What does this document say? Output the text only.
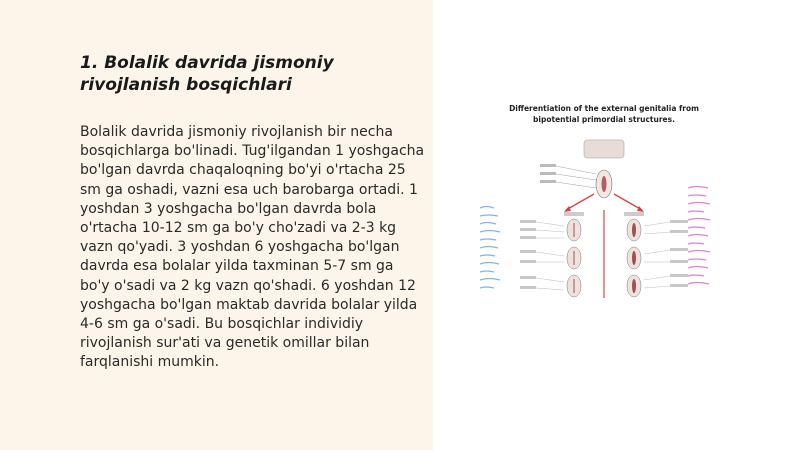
1. Bolalik davrida jismoniy rivojlanish bosqichlari

Bolalik davrida jismoniy rivojlanish bir necha bosqichlarga bo'linadi. Tug'ilgandan 1 yoshgacha bo'lgan davrda chaqaloqning bo'yi o'rtacha 25 sm ga oshadi, vazni esa uch barobarga ortadi. 1 yoshdan 3 yoshgacha bo'lgan davrda bola o'rtacha 10-12 sm ga bo'y cho'zadi va 2-3 kg vazn qo'yadi. 3 yoshdan 6 yoshgacha bo'lgan davrda esa bolalar yilda taxminan 5-7 sm ga bo'y o'sadi va 2 kg vazn qo'shadi. 6 yoshdan 12 yoshgacha bo'lgan maktab davrida bolalar yilda 4-6 sm ga o'sadi. Bu bosqichlar individiy rivojlanish sur'ati va genetik omillar bilan farqlanishi mumkin.

Differentiation of the external genitalia from
bipotential primordial structures.
